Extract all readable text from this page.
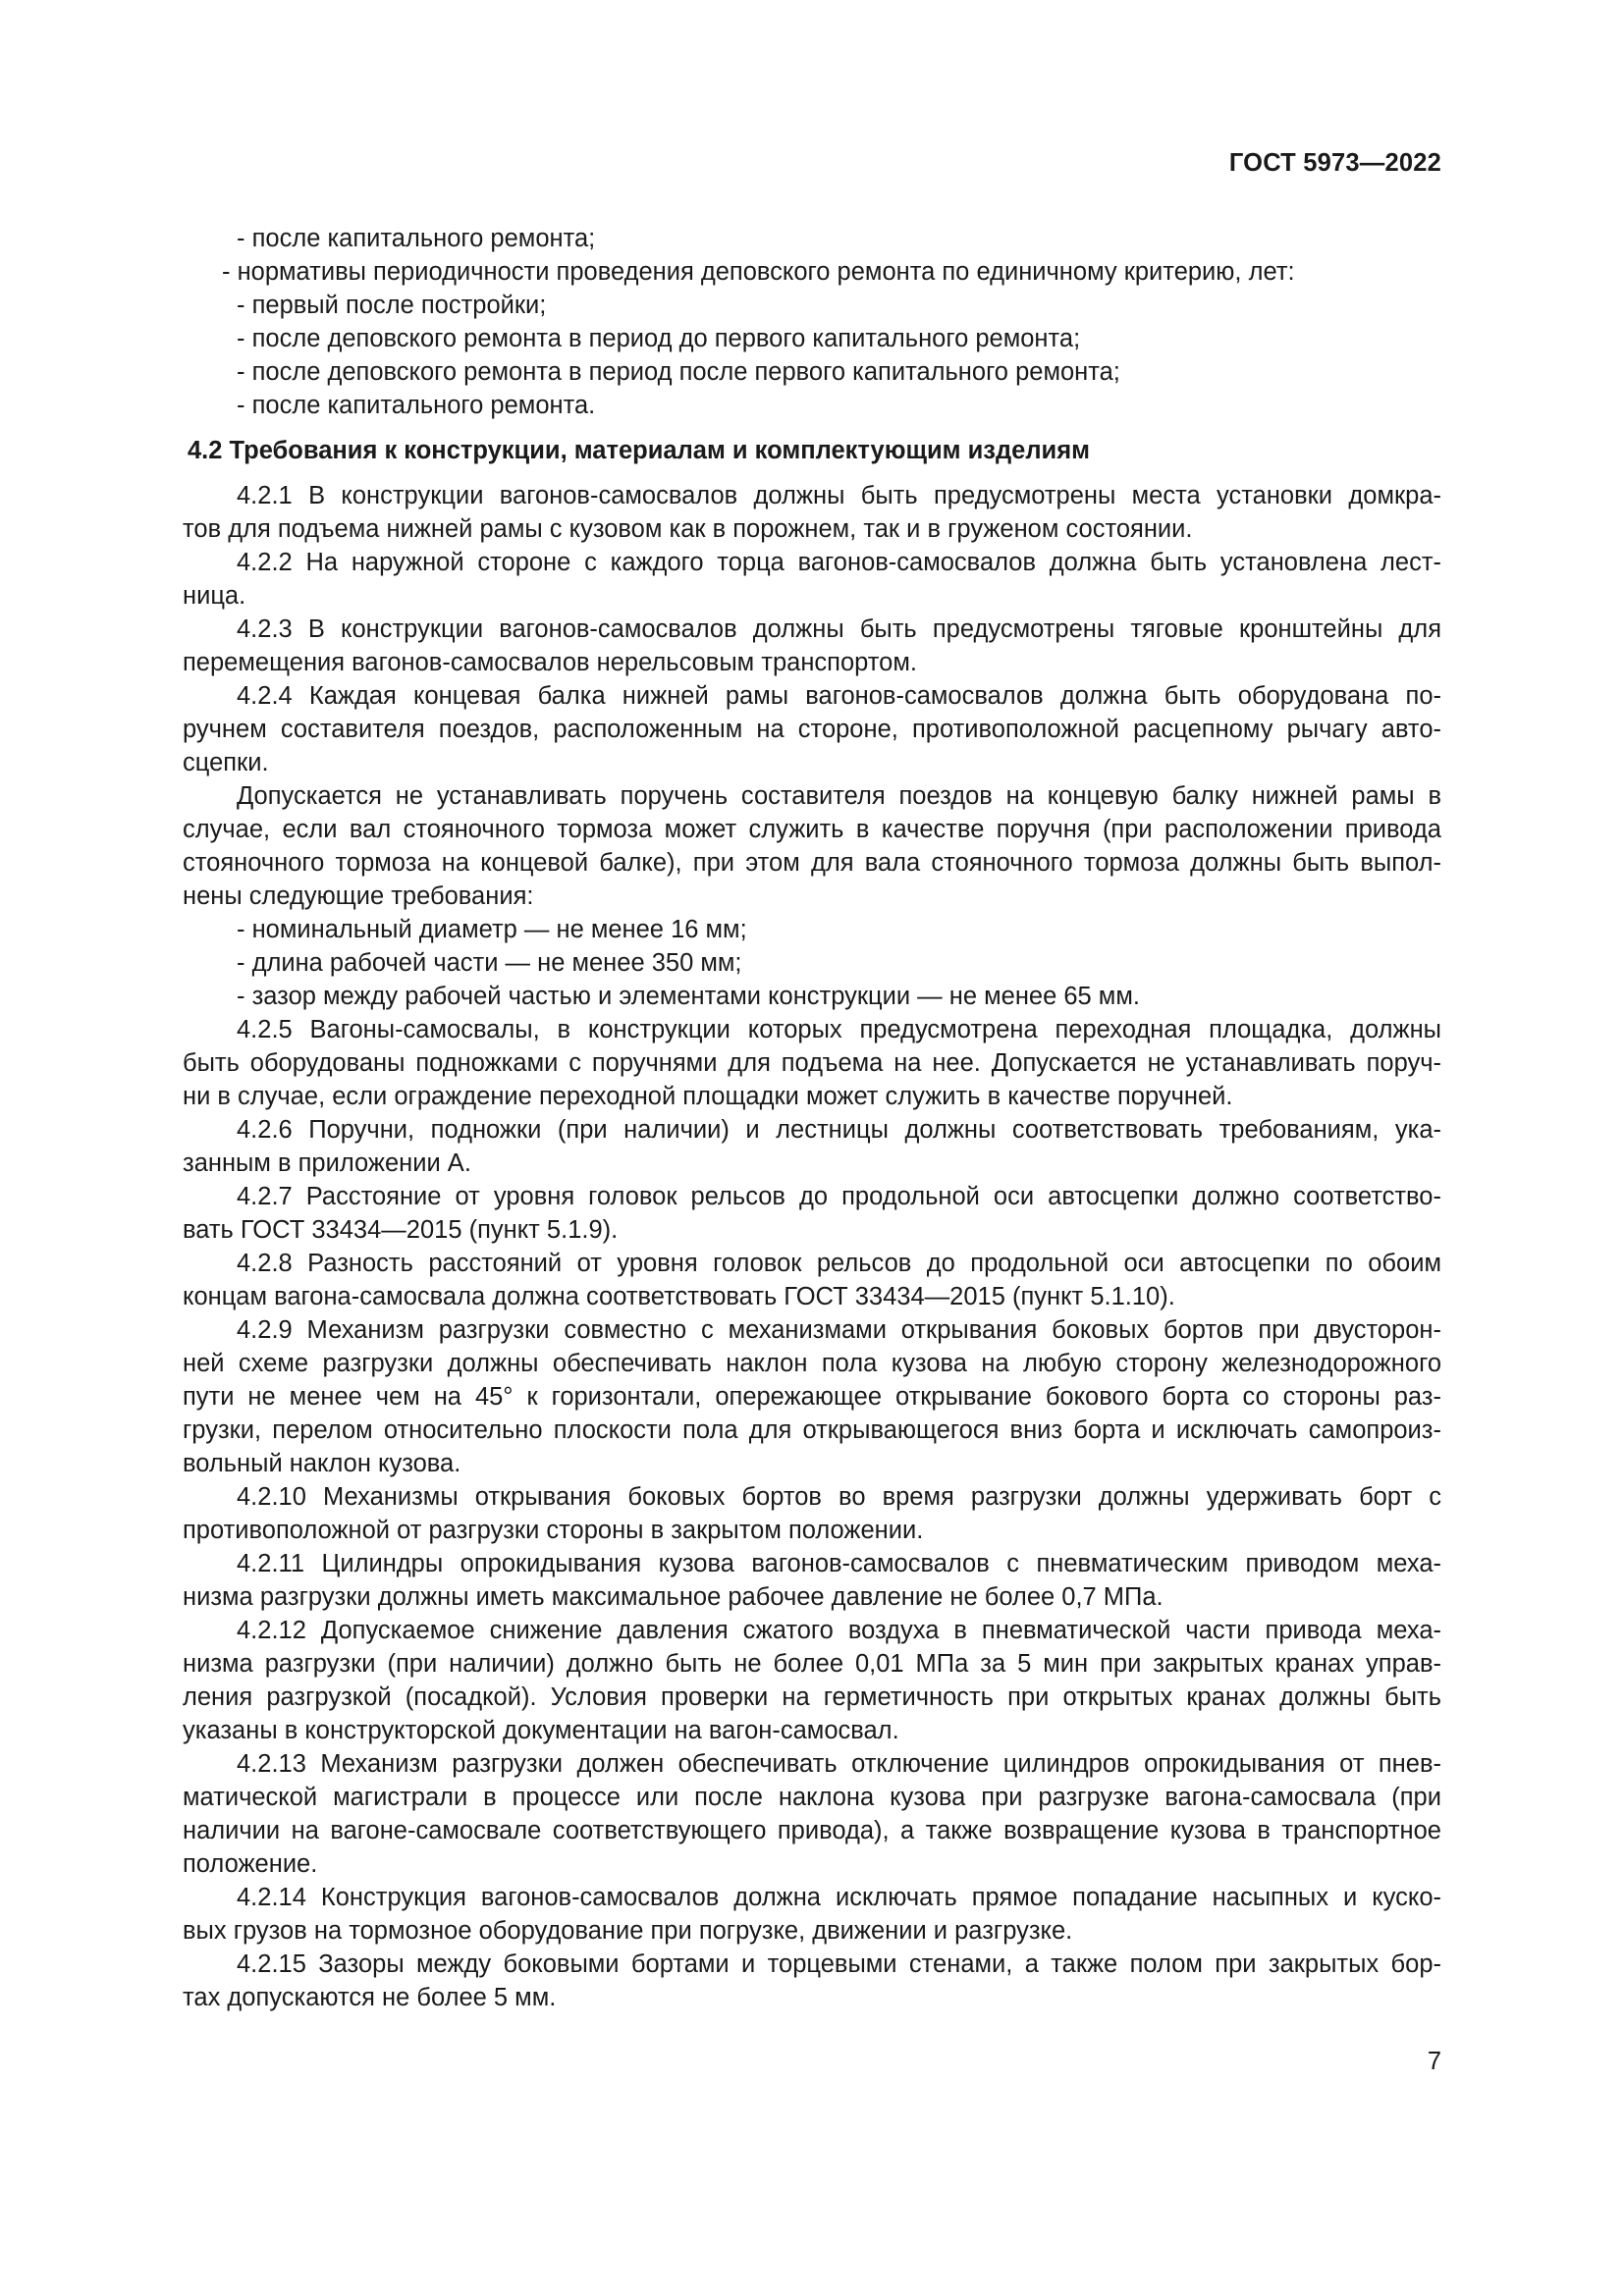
ГОСТ 5973—2022
- после капитального ремонта;
- нормативы периодичности проведения деповского ремонта по единичному критерию, лет:
- первый после постройки;
- после деповского ремонта в период до первого капитального ремонта;
- после деповского ремонта в период после первого капитального ремонта;
- после капитального ремонта.
4.2 Требования к конструкции, материалам и комплектующим изделиям
4.2.1 В конструкции вагонов-самосвалов должны быть предусмотрены места установки домкра-
тов для подъема нижней рамы с кузовом как в порожнем, так и в груженом состоянии.
4.2.2 На наружной стороне с каждого торца вагонов-самосвалов должна быть установлена лест-
ница.
4.2.3 В конструкции вагонов-самосвалов должны быть предусмотрены тяговые кронштейны для
перемещения вагонов-самосвалов нерельсовым транспортом.
4.2.4 Каждая концевая балка нижней рамы вагонов-самосвалов должна быть оборудована по-
ручнем составителя поездов, расположенным на стороне, противоположной расцепному рычагу авто-
сцепки.
Допускается не устанавливать поручень составителя поездов на концевую балку нижней рамы в
случае, если вал стояночного тормоза может служить в качестве поручня (при расположении привода
стояночного тормоза на концевой балке), при этом для вала стояночного тормоза должны быть выпол-
нены следующие требования:
- номинальный диаметр — не менее 16 мм;
- длина рабочей части — не менее 350 мм;
- зазор между рабочей частью и элементами конструкции — не менее 65 мм.
4.2.5 Вагоны-самосвалы, в конструкции которых предусмотрена переходная площадка, должны
быть оборудованы подножками с поручнями для подъема на нее. Допускается не устанавливать поруч-
ни в случае, если ограждение переходной площадки может служить в качестве поручней.
4.2.6 Поручни, подножки (при наличии) и лестницы должны соответствовать требованиям, ука-
занным в приложении А.
4.2.7 Расстояние от уровня головок рельсов до продольной оси автосцепки должно соответство-
вать ГОСТ 33434—2015 (пункт 5.1.9).
4.2.8 Разность расстояний от уровня головок рельсов до продольной оси автосцепки по обоим
концам вагона-самосвала должна соответствовать ГОСТ 33434—2015 (пункт 5.1.10).
4.2.9 Механизм разгрузки совместно с механизмами открывания боковых бортов при двусторон-
ней схеме разгрузки должны обеспечивать наклон пола кузова на любую сторону железнодорожного
пути не менее чем на 45° к горизонтали, опережающее открывание бокового борта со стороны раз-
грузки, перелом относительно плоскости пола для открывающегося вниз борта и исключать самопроиз-
вольный наклон кузова.
4.2.10 Механизмы открывания боковых бортов во время разгрузки должны удерживать борт с
противоположной от разгрузки стороны в закрытом положении.
4.2.11 Цилиндры опрокидывания кузова вагонов-самосвалов с пневматическим приводом меха-
низма разгрузки должны иметь максимальное рабочее давление не более 0,7 МПа.
4.2.12 Допускаемое снижение давления сжатого воздуха в пневматической части привода меха-
низма разгрузки (при наличии) должно быть не более 0,01 МПа за 5 мин при закрытых кранах управ-
ления разгрузкой (посадкой). Условия проверки на герметичность при открытых кранах должны быть
указаны в конструкторской документации на вагон-самосвал.
4.2.13 Механизм разгрузки должен обеспечивать отключение цилиндров опрокидывания от пнев-
матической магистрали в процессе или после наклона кузова при разгрузке вагона-самосвала (при
наличии на вагоне-самосвале соответствующего привода), а также возвращение кузова в транспортное
положение.
4.2.14 Конструкция вагонов-самосвалов должна исключать прямое попадание насыпных и куско-
вых грузов на тормозное оборудование при погрузке, движении и разгрузке.
4.2.15 Зазоры между боковыми бортами и торцевыми стенами, а также полом при закрытых бор-
тах допускаются не более 5 мм.
7
